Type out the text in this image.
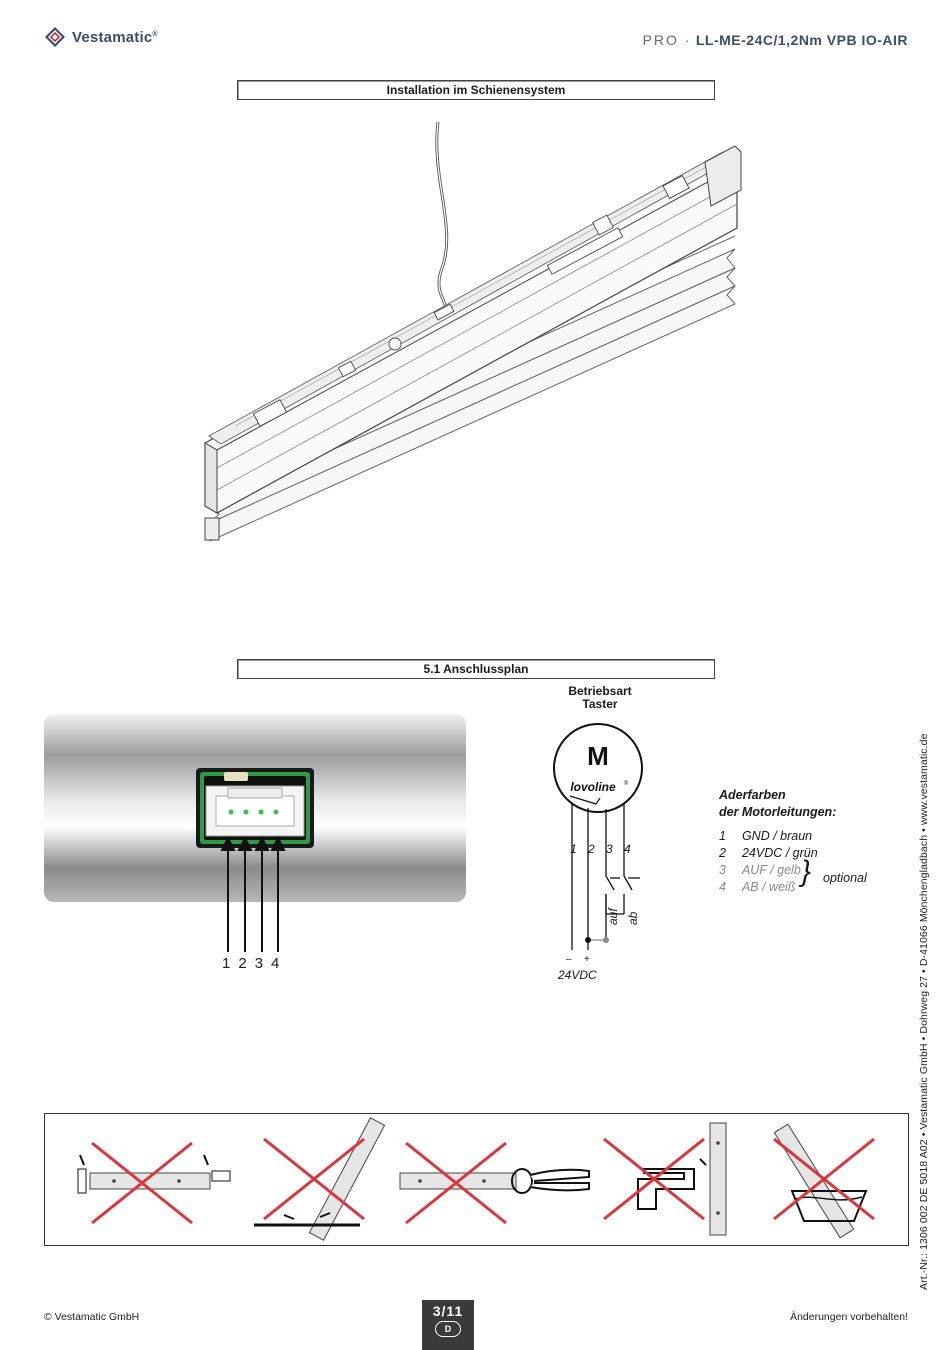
Vestamatic®	PRO · LL-ME-24C/1,2Nm VPB IO-AIR
Installation im Schienensystem
5.1 Anschlussplan
1 2 3 4
Betriebsart
Taster
M
lovoline ®
1 2 3 4
auf ab
– +
24VDC
Aderfarben
der Motorleitungen:
1 GND / braun
2 24VDC / grün
3 AUF / gelb
4 AB / weiß } optional	Art.-Nr.: 1306 002 DE 5018 A02 • Vestamatic GmbH • Dohrweg 27 • D-41066 Mönchengladbach • www.vestamatic.de
© Vestamatic GmbH	3/11
D
Änderungen vorbehalten!
